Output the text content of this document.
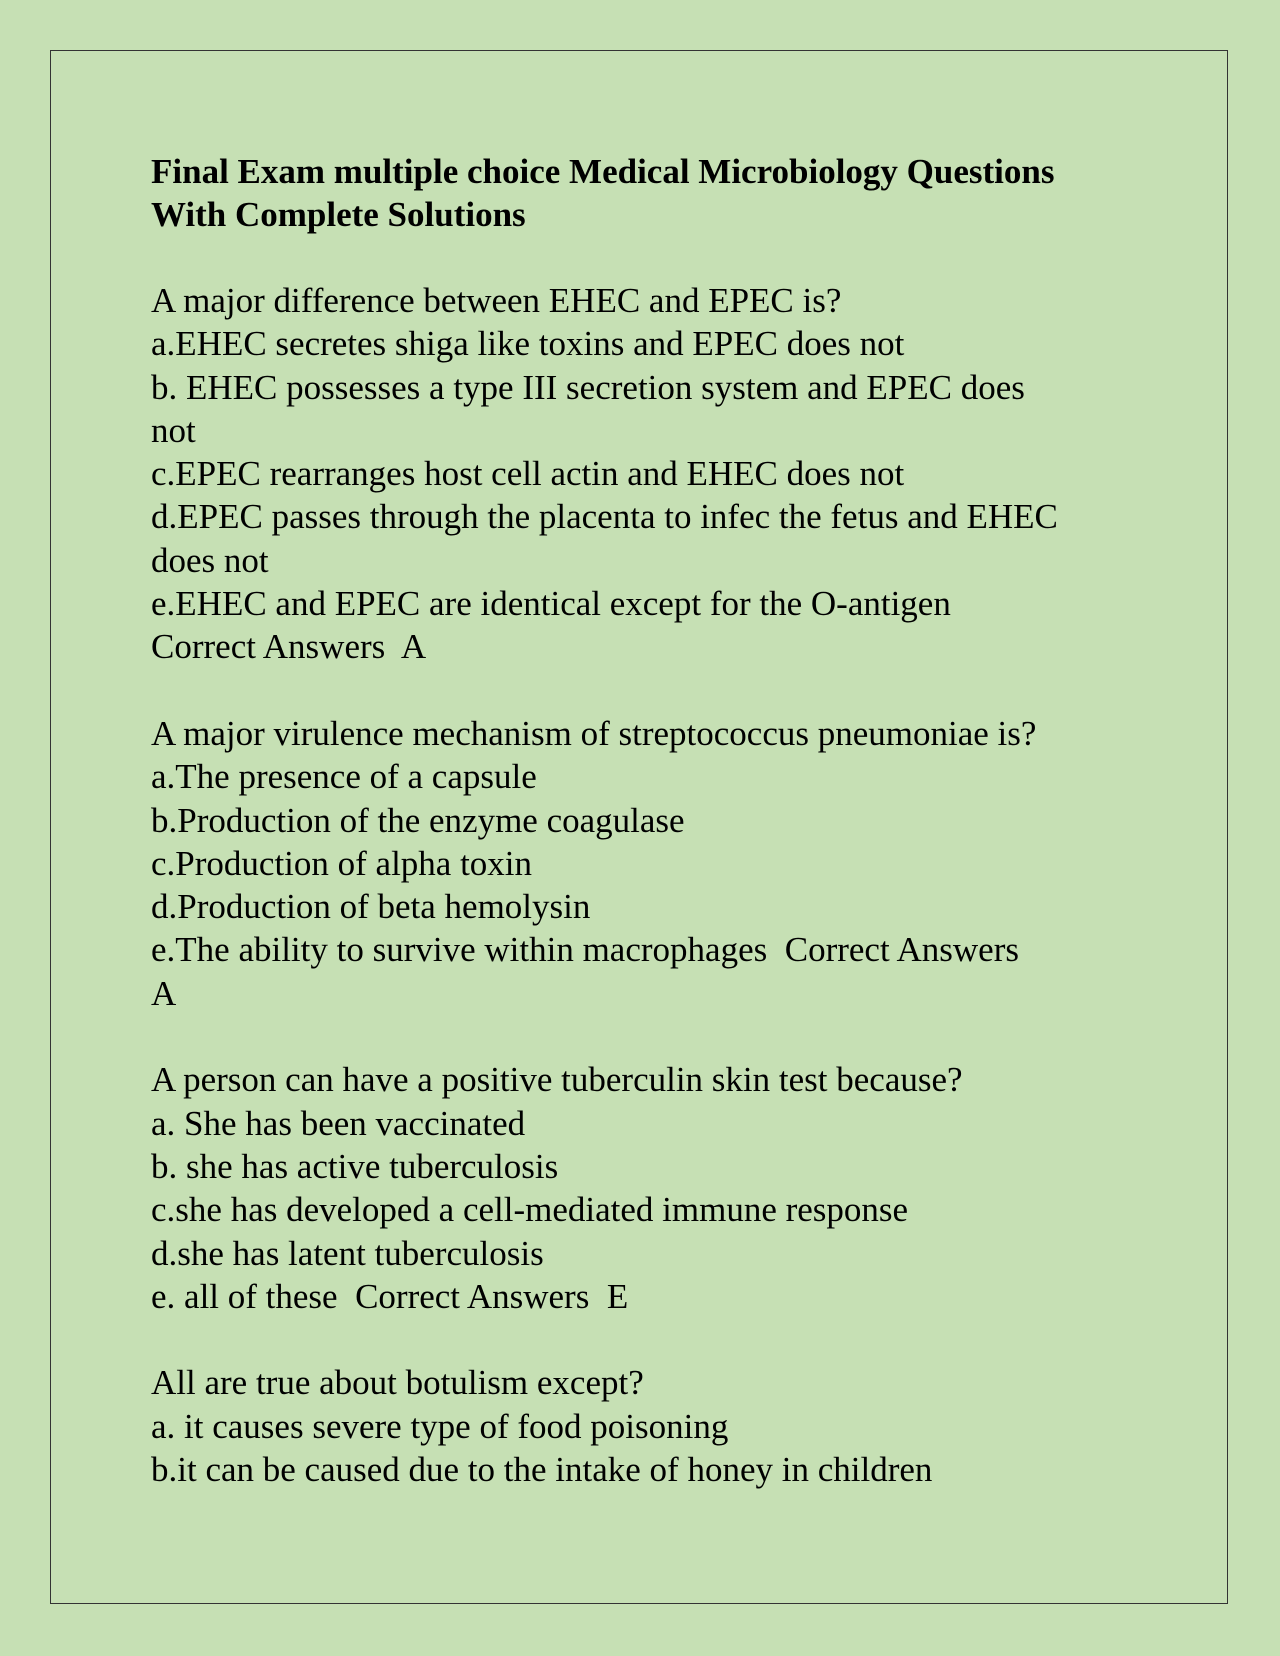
Final Exam multiple choice Medical Microbiology Questions

With Complete Solutions

A major difference between EHEC and EPEC is?

a.EHEC secretes shiga like toxins and EPEC does not

b. EHEC possesses a type III secretion system and EPEC does

not

c.EPEC rearranges host cell actin and EHEC does not

d.EPEC passes through the placenta to infec the fetus and EHEC

does not

e.EHEC and EPEC are identical except for the O-antigen

Correct Answers  A

A major virulence mechanism of streptococcus pneumoniae is?

a.The presence of a capsule

b.Production of the enzyme coagulase

c.Production of alpha toxin

d.Production of beta hemolysin

e.The ability to survive within macrophages  Correct Answers

A

A person can have a positive tuberculin skin test because?

a. She has been vaccinated

b. she has active tuberculosis

c.she has developed a cell-mediated immune response

d.she has latent tuberculosis

e. all of these  Correct Answers  E

All are true about botulism except?

a. it causes severe type of food poisoning

b.it can be caused due to the intake of honey in children
